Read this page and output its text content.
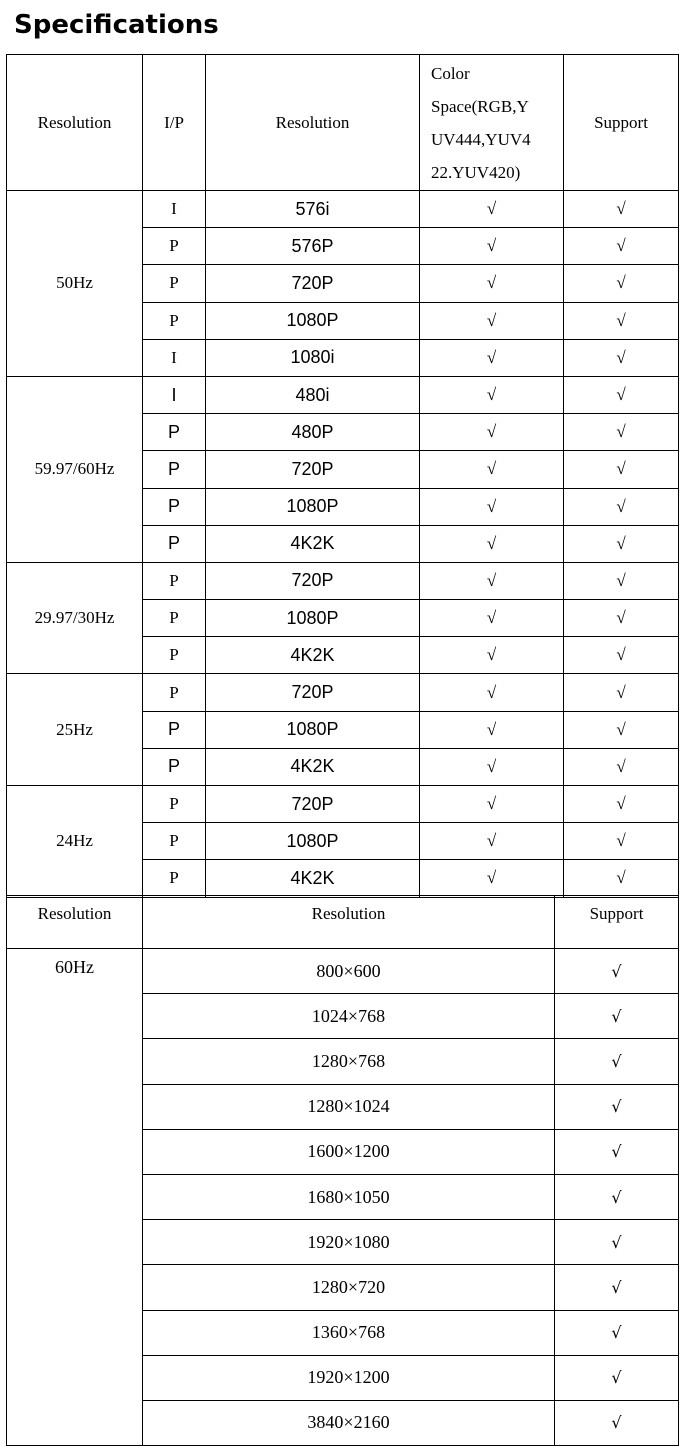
Specifications
Resolution	I/P	Resolution	Color
Space(RGB,Y
UV444,YUV4
22.YUV420)	Support
50Hz	I	576i	√	√
	P	576P	√	√
	P	720P	√	√
	P	1080P	√	√
	I	1080i	√	√
59.97/60Hz	I	480i	√	√
	P	480P	√	√
	P	720P	√	√
	P	1080P	√	√
	P	4K2K	√	√
29.97/30Hz	P	720P	√	√
	P	1080P	√	√
	P	4K2K	√	√
25Hz	P	720P	√	√
	P	1080P	√	√
	P	4K2K	√	√
24Hz	P	720P	√	√
	P	1080P	√	√
	P	4K2K	√	√
Resolution	Resolution	Support
60Hz	800×600	√
	1024×768	√
	1280×768	√
	1280×1024	√
	1600×1200	√
	1680×1050	√
	1920×1080	√
	1280×720	√
	1360×768	√
	1920×1200	√
	3840×2160	√
